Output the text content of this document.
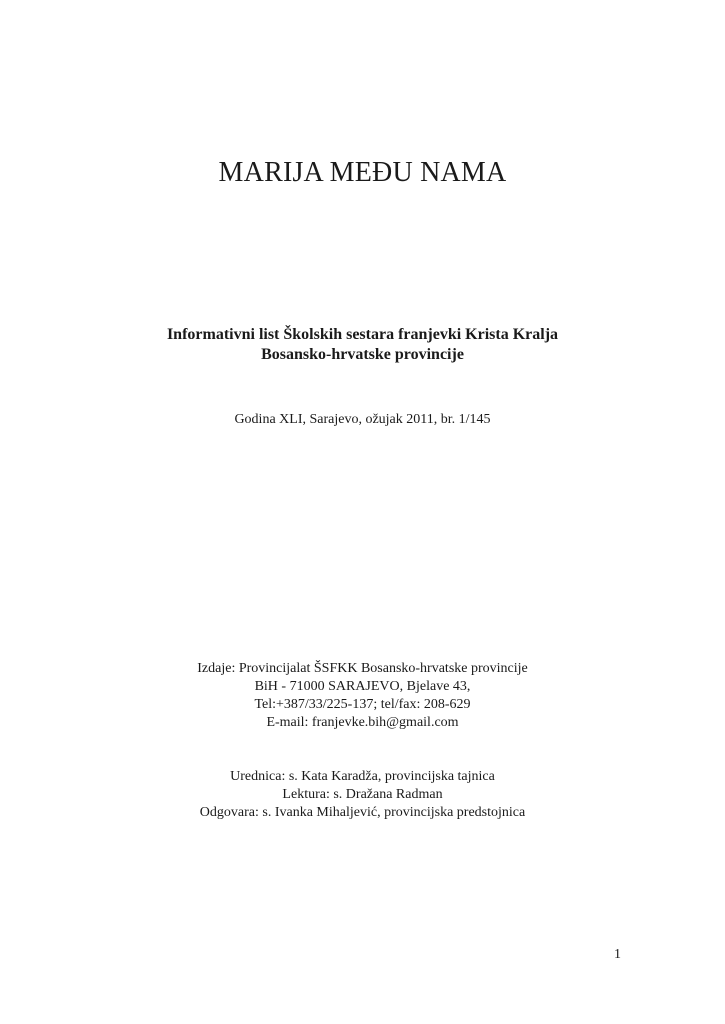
MARIJA MEĐU NAMA
Informativni list Školskih sestara franjevki Krista Kralja
Bosansko-hrvatske provincije
Godina XLI, Sarajevo, ožujak 2011, br. 1/145
Izdaje: Provincijalat ŠSFKK Bosansko-hrvatske provincije
BiH - 71000 SARAJEVO, Bjelave 43,
Tel:+387/33/225-137; tel/fax: 208-629
E-mail: franjevke.bih@gmail.com
Urednica: s. Kata Karadža, provincijska tajnica
Lektura: s. Dražana Radman
Odgovara: s. Ivanka Mihaljević, provincijska predstojnica
1
